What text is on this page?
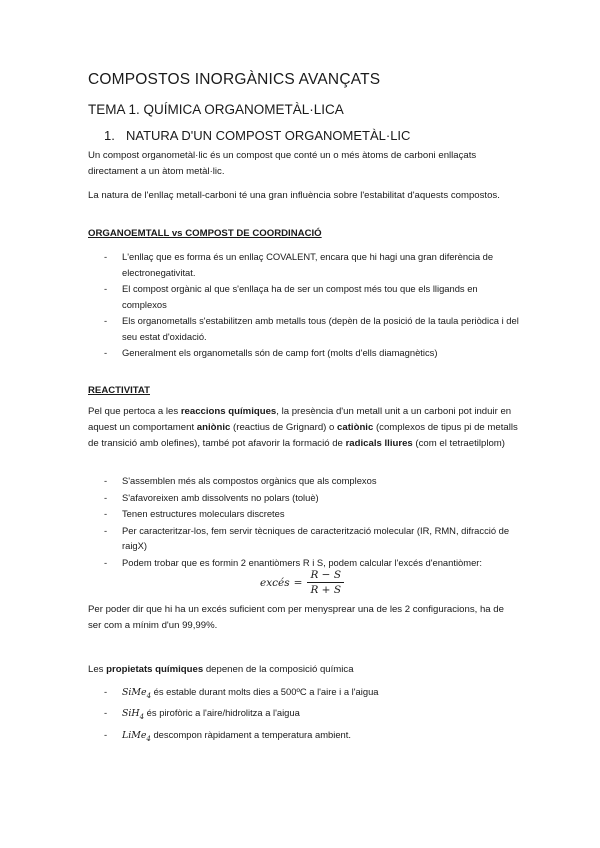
COMPOSTOS INORGÀNICS AVANÇATS
TEMA 1. QUÍMICA ORGANOMETÀL·LICA
1. NATURA D'UN COMPOST ORGANOMETÀL·LIC

Un compost organometàl·lic és un compost que conté un o més àtoms de carboni enllaçats directament a un àtom metàl·lic.

La natura de l'enllaç metall-carboni té una gran influència sobre l'estabilitat d'aquests compostos.

ORGANOEMTALL vs COMPOST DE COORDINACIÓ
- L'enllaç que es forma és un enllaç COVALENT, encara que hi hagi una gran diferència de electronegativitat.
- El compost orgànic al que s'enllaça ha de ser un compost més tou que els lligands en complexos
- Els organometalls s'estabilitzen amb metalls tous (depèn de la posició de la taula periòdica i del seu estat d'oxidació.
- Generalment els organometalls són de camp fort (molts d'ells diamagnètics)
REACTIVITAT

Pel que pertoca a les reaccions químiques, la presència d'un metall unit a un carboni pot induir en aquest un comportament aniònic (reactius de Grignard) o catiònic (complexos de tipus pi de metalls de transició amb olefines), també pot afavorir la formació de radicals lliures (com el tetraetilplom)

- S'assemblen més als compostos orgànics que als complexos
- S'afavoreixen amb dissolvents no polars (toluè)
- Tenen estructures moleculars discretes
- Per caracteritzar-los, fem servir tècniques de caracterització molecular (IR, RMN, difracció de raigX)
- Podem trobar que es formin 2 enantiòmers R i S, podem calcular l'excés d'enantiòmer:
excés = $\frac{R - S}{R + S}$

Per poder dir que hi ha un excés suficient com per menysprear una de les 2 configuracions, ha de ser com a mínim d'un 99,99%.

Les propietats químiques depenen de la composició química

- SiMe$_4$ és estable durant molts dies a 500ºC a l'aire i a l'aigua
- SiH$_4$ és pirofòric a l'aire/hidrolitza a l'aigua
- LiMe$_4$ descompon ràpidament a temperatura ambient.
